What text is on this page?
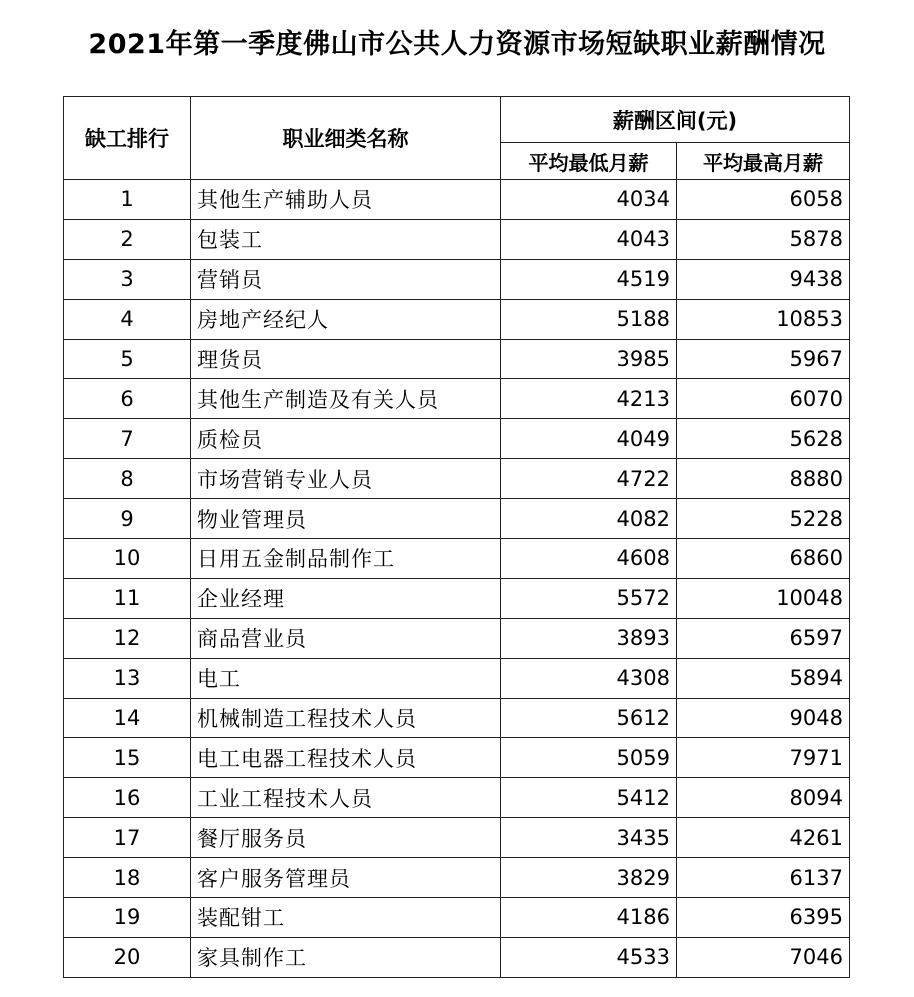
2021年第一季度佛山市公共人力资源市场短缺职业薪酬情况
缺工排行	职业细类名称	薪酬区间(元)	
		平均最低月薪	平均最高月薪
1	其他生产辅助人员	4034	6058
2	包装工	4043	5878
3	营销员	4519	9438
4	房地产经纪人	5188	10853
5	理货员	3985	5967
6	其他生产制造及有关人员	4213	6070
7	质检员	4049	5628
8	市场营销专业人员	4722	8880
9	物业管理员	4082	5228
10	日用五金制品制作工	4608	6860
11	企业经理	5572	10048
12	商品营业员	3893	6597
13	电工	4308	5894
14	机械制造工程技术人员	5612	9048
15	电工电器工程技术人员	5059	7971
16	工业工程技术人员	5412	8094
17	餐厅服务员	3435	4261
18	客户服务管理员	3829	6137
19	装配钳工	4186	6395
20	家具制作工	4533	7046
